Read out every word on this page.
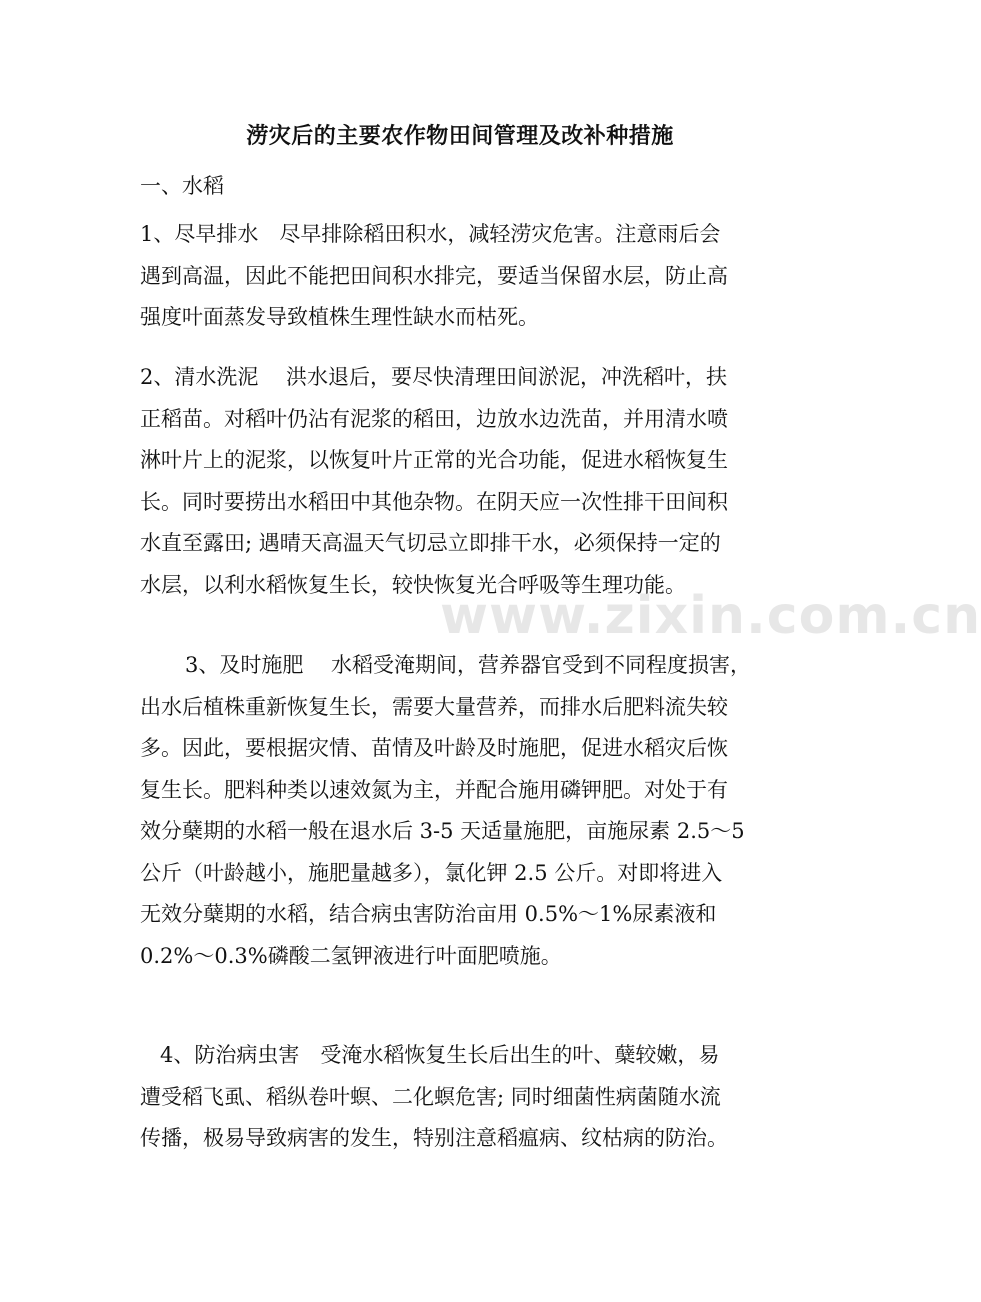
涝灾后的主要农作物田间管理及改补种措施
一、水稻
1、尽早排水　尽早排除稻田积水，减轻涝灾危害。注意雨后会
遇到高温，因此不能把田间积水排完，要适当保留水层，防止高
强度叶面蒸发导致植株生理性缺水而枯死。
2、清水洗泥　 洪水退后，要尽快清理田间淤泥，冲洗稻叶，扶
正稻苗。对稻叶仍沾有泥浆的稻田，边放水边洗苗，并用清水喷
淋叶片上的泥浆，以恢复叶片正常的光合功能，促进水稻恢复生
长。同时要捞出水稻田中其他杂物。在阴天应一次性排干田间积
水直至露田; 遇晴天高温天气切忌立即排干水，必须保持一定的
水层，以利水稻恢复生长，较快恢复光合呼吸等生理功能。
www.zixin.com.cn
3、及时施肥　 水稻受淹期间，营养器官受到不同程度损害，
出水后植株重新恢复生长，需要大量营养，而排水后肥料流失较
多。因此，要根据灾情、苗情及叶龄及时施肥，促进水稻灾后恢
复生长。肥料种类以速效氮为主，并配合施用磷钾肥。对处于有
效分蘖期的水稻一般在退水后 3-5 天适量施肥，亩施尿素 2.5～5
公斤（叶龄越小，施肥量越多），氯化钾 2.5 公斤。对即将进入
无效分蘖期的水稻，结合病虫害防治亩用 0.5%～1%尿素液和
0.2%～0.3%磷酸二氢钾液进行叶面肥喷施。
4、防治病虫害　受淹水稻恢复生长后出生的叶、蘖较嫩，易
遭受稻飞虱、稻纵卷叶螟、二化螟危害; 同时细菌性病菌随水流
传播，极易导致病害的发生，特别注意稻瘟病、纹枯病的防治。
